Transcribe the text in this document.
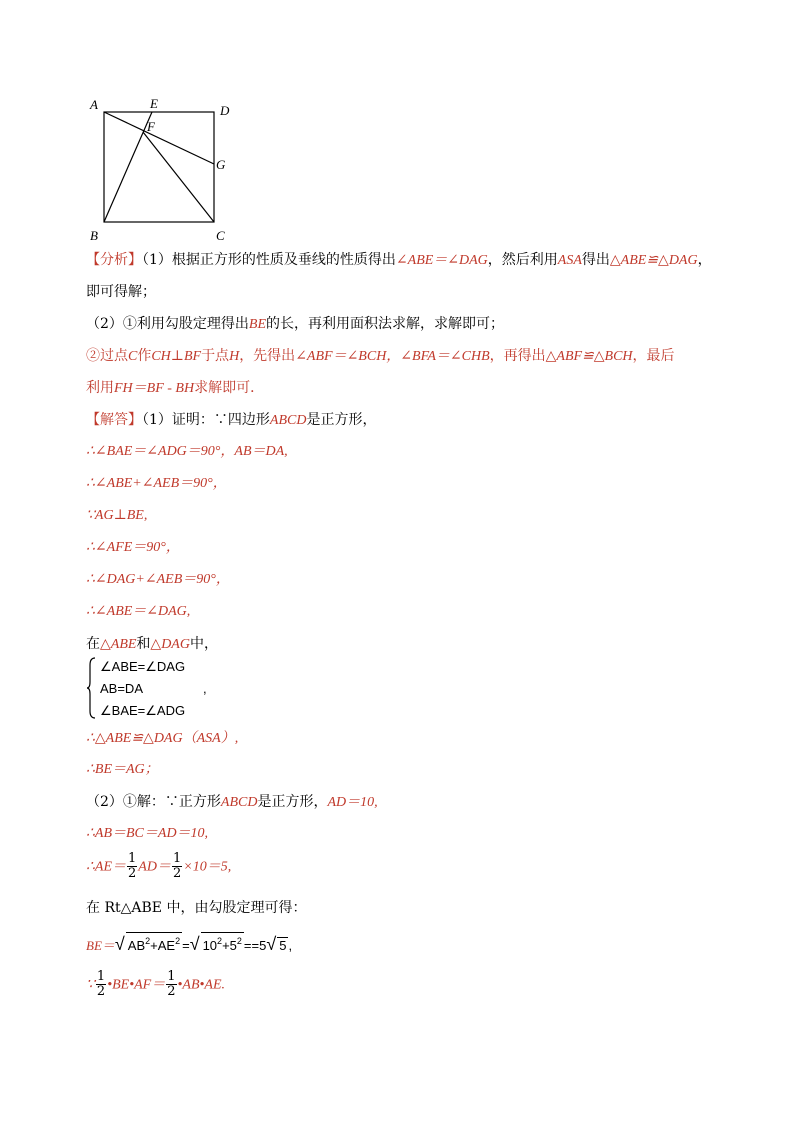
A	E	D
F
G
B	C
【分析】（1）根据正方形的性质及垂线的性质得出∠ABE＝∠DAG，然后利用ASA得出△ABE≌△DAG，
即可得解；
（2）①利用勾股定理得出BE的长，再利用面积法求解，求解即可；
②过点C作CH⊥BF于点H，先得出∠ABF＝∠BCH，∠BFA＝∠CHB，再得出△ABF≌△BCH，最后
利用FH＝BF - BH求解即可．
【解答】（1）证明：∵四边形ABCD是正方形，
∴∠BAE＝∠ADG＝90°，AB＝DA,
∴∠ABE+∠AEB＝90°，
∵AG⊥BE,
∴∠AFE＝90°，
∴∠DAG+∠AEB＝90°，
∴∠ABE＝∠DAG,
在△ABE和△DAG中，
∠ABE=∠DAG
AB=DA	,
∠BAE=∠ADG
∴△ABE≌△DAG（ASA）,
∴BE＝AG；
（2）①解：∵正方形ABCD是正方形，AD＝10,
∴AB＝BC＝AD＝10,
∴AE＝ $\frac{1}{2} AD= \frac{1}{2} \times 10=5$,
在 Rt△ABE 中，由勾股定理可得：
BE＝√ $AB^2+AE^2$ =√ $10^2+5^2 ==5√$ 5 ,
∵ $\frac{1}{2}$ •BE•AF＝ $\frac{1}{2}$ •AB•AE.
